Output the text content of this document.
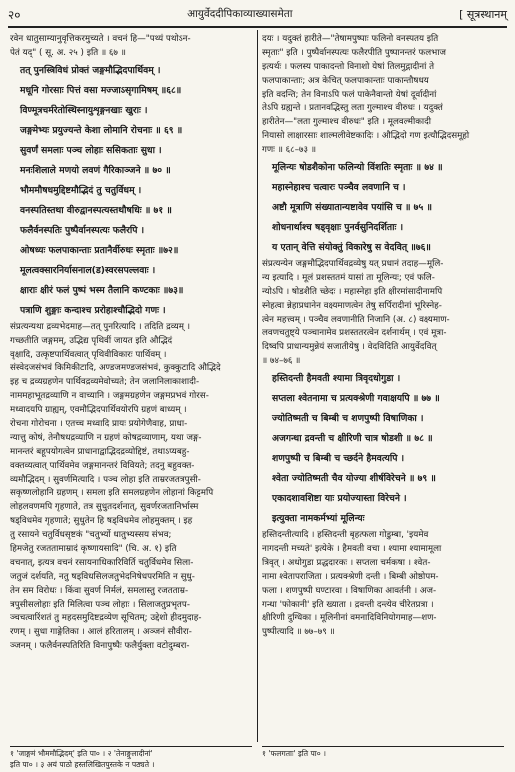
२०	आयुर्वेददीपिकाव्याख्यासमेता	[ सूत्रस्थानम्
रवेन धातुसाम्यानुवृत्तिकरमुच्यते । वचनं हि—"पथ्यं पथोऽन-
पेतं यद्" ( सू. अ. २५ ) इति ॥ ६७ ॥
तत् पुनस्त्रिविधं प्रोक्तं जङ्गमौद्भिदपार्थिवम् ।
मधूनि गोरसाः पित्तं वसा मज्जाऽसृगामिषम् ॥६८॥
विण्मूत्रचर्मरेतोस्थिस्नायुशृङ्गनखाः खुराः ।
जङ्गमेभ्यः प्रयुज्यन्ते केशा लोमानि रोचनाः ॥ ६९ ॥
सुवर्णं समलाः पञ्च लोहाः ससिकताः सुधा ।
मनःशिलाले मणयो लवणं गैरिकाञ्जने ॥ ७० ॥
भौममौषधमुद्दिष्टमौद्भिदं तु चतुर्विधम् ।
वनस्पतिस्तथा वीरुद्वानस्पत्यस्तथौषधिः ॥ ७१ ॥
फलैर्वनस्पतिः पुष्पैर्वानस्पत्यः फलैरपि ।
ओषध्यः फलपाकान्ताः प्रतानैर्वीरुधः स्मृताः ॥७२॥
मूलत्वक्सारनिर्यासनाल(ड)स्वरसपल्लवाः ।
क्षाराः क्षीरं फलं पुष्पं भस्म तैलानि कण्टकाः ॥७३॥
पत्राणि शुङ्गाः कन्दाश्च प्ररोहाश्चौद्भिदो गणः ।
संप्रत्यन्यथा द्रव्यभेदमाह—तत् पुनरित्यादि । तदिति द्रव्यम् ।
गच्छतीति जङ्गमम्, उद्भिद्य पृथिवीं जायत इति औद्भिदं
वृक्षादि, उत्कृष्टपार्थिवत्वात् पृथिवीविकारः पार्थिवम् ।
संस्वेदजसंभवं किमिकीटादि, अण्डजमण्डजसंभवं, कुक्कुटादि औद्भिदे
इह च द्रव्यग्रहणेन पार्थिवद्रव्यमेवोच्यते; तेन जलानिलाकाशादी-
नाममहाभूतद्रव्याणि न वाच्यानि । जङ्गमग्रहणेन जङ्गमप्रभवं गोरस-
मध्वादयपि ग्राह्यम्, एवमौद्भिदपार्थिवयोरपि ग्रहणं बाध्यम् ।
रोचना गोरोचना । एतच्च मध्वादि प्रायः प्रयोगेणैवाह, प्राधा-
न्यात्तु कोषं, तेनौषधद्रव्याणि न ग्रहणं कोषद्रव्याणाम्, यथा जङ्ग-
मानन्तरं बहूपयोगत्वेन प्राधानाद्वाद्भिदद्रव्योद्दिष्टं, तथाऽप्यबहु-
वक्तव्यत्वात् पार्थिवमेव जङ्गमानन्तरं विवियते; तदनु बहुवक्त-
व्यमौद्भिदम् । सुवर्णमित्यादि । पञ्च लोहा इति ताम्ररजतत्रपुसी-
सकृष्णलोहानि ग्रहणम् । समला इति समलग्रहणेन लोहानां किट्टमपि
लोहलवणमपि गृहणाते, तत्र सुधुतदर्शनात्, सुवर्णरजतानिर्भास्म
षड्विधमेव गृहणाते; सुधुतेन हि षड्विधमेव लोहमुक्तम् । इह
तु रसायने चतुर्विधसृष्टकं "चतुर्भ्यो धातुभ्यस्सय संभव;
हिमजेतु रजततामाम्रादं कृष्णायसादि" (चि. अ. १) इति
वचनात्, इत्यत्र वचनं रसायनाधिकारिविर्ति चतुर्विधमेव सिला-
जतुजं दर्शयति, नतु षड्विधसिलजतुभेदनिषेधपरमिति न सुधु-
तेन सम विरोधः । किंवा सुवर्ण निर्मलं, समलास्तु रजतताम्र-
त्रपुसीसलोहाः इति मिलित्वा पञ्च लोहाः । सिलाजतुप्रभृतप-
ञ्चचत्वारिंशतं तु महदसमुदिष्टद्रव्येण सूचितम्; उद्देशो हीदमुदाह-
रणम् । सुधा गाङ्गेतिका । आलं हरितालम् । अञ्जनं सौवीरा-
ञ्जनम् । फलैर्वनस्पतिरिति विनापुष्पैः फलैर्युक्ता वटोदुम्बरा-
दयः । यदुक्तं हारीते—"तेषामपुष्पाः फलिनो वनस्पतय इति
स्मृताः" इति । पुष्पैर्वानस्पत्यः फलैरपीति पुष्पानन्तरं फलभाज
इत्यर्थः । फलस्य पाकादन्तो विनाशो येषां तिलमुद्गादीनां ते
फलपाकान्ताः; अत्र केचित् फलपाकान्ताः पाकान्तौषधय
इति वदन्ति; तेन विनाऽपि फलं पाकेनैवान्तो येषां दूर्वादीनां
तेऽपि ग्रह्यन्ते । प्रतानवद्भिस्तु लता गुल्माश्च वीरुधः । यदुक्तं
हारीतेन—"लता गुल्माश्च वीरुधः" इति । मूलवल्मीकादी
नियासो लाक्षारसाः शाल्मलीवेष्टकादिः । औद्भिदो गण इत्यौद्भिदसमूहो
गणः ॥ ६८–७३ ॥
मूलिन्यः षोडशैकोना फलिन्यो विंशतिः स्मृताः ॥ ७४ ॥
महास्नेहाश्च चत्वारः पञ्चैव लवणानि च ।
अष्टौ मूत्राणि संख्यातान्यष्टावेव पयांसि च ॥ ७५ ॥
शोधनार्थाश्च षड्वृक्षाः पुनर्वसुनिदर्शिताः ।
य एतान् वेत्ति संयोक्तुं विकारेषु स वेदवित् ॥७६॥
संप्रत्यन्येन जङ्गमौद्भिदपार्थिवद्रव्येषु यत् प्रधानं तदाह—मूलि-
न्य इत्यादि । मूलं प्रशस्ततमं यासां ता मूलिन्यः; एवं फलि-
न्योऽपि । षोडशैति च्छेदः । महास्नेहा इति क्षीरमांसादीनामपि
स्नेहत्वा न्नेहाप्रधानेन वक्ष्यमाणत्वेन तेषु सर्पिरादीनां भूरिस्नेह-
त्वेन महत्त्वम् । पञ्चैव लवणानीति निजानि (अ. ८) वक्ष्यमाण-
लवणचतुष्ट्ये पञ्चानामेव प्रशस्ततरत्वेन दर्शनार्थम् । एवं मूत्रा-
दिष्वपि प्राधान्यमुन्नेयं सजातीयेषु । वेदविदिति आयुर्वेदवित्
॥ ७४–७६ ॥
हस्तिदन्ती हैमवती श्यामा त्रिवृदधोगुडा ।
सप्तला श्वेतनामा च प्रत्यक्श्रेणी गवाक्षयपि ॥ ७७ ॥
ज्योतिष्मती च बिम्बी च शणपुष्पी विषाणिका ।
अजगन्धा द्रवन्ती च क्षीरिणी चात्र षोडशी ॥ ७८ ॥
शणपुष्पी च बिम्बी च च्छर्दने हैमवत्यपि ।
श्वेता ज्योतिष्मती चैव योज्या शीर्षविरेचने ॥ ७९ ॥
एकादशावशिष्टा याः प्रयोज्यास्ता विरेचने ।
इत्युक्ता नामकर्मभ्यां मूलिन्यः
हस्तिदन्तीत्यादि । हस्तिदन्ती बृहत्फला गोडुम्बा, 'इयमेव
नागदन्ती मच्यते' इत्येके । हैमवती वचा । श्यामा श्यामामूला
त्रिवृत् । अधोगुडा प्रद्धदारकः । सप्तला चर्मकषा । श्वेत-
नामा श्वेतापराजिता । प्रत्यक्श्रेणी दन्ती । बिम्बी ओष्ठोपम-
फला । शणपुष्पी घण्टारवा । विषाणिका आवर्तनी । अज-
गन्धा 'फोकानी' इति ख्याता । द्रवन्ती दन्त्येव चीरेतप्रत्रा ।
क्षीरिणी दुग्धिका । मूलिनीनां वमनादिविनियोगमाह—शण-
पुष्पीत्यादि ॥ ७७–७९ ॥
१ 'जाङ्गमं भौममौद्भिदम्' इति पा० । २ 'तेनाङ्गुलादीनां'
इति पा० । ३ अयं पाठो हस्तलिखितपुस्तके न पठ्यते ।
१ 'फलगताः' इति पा० ।
